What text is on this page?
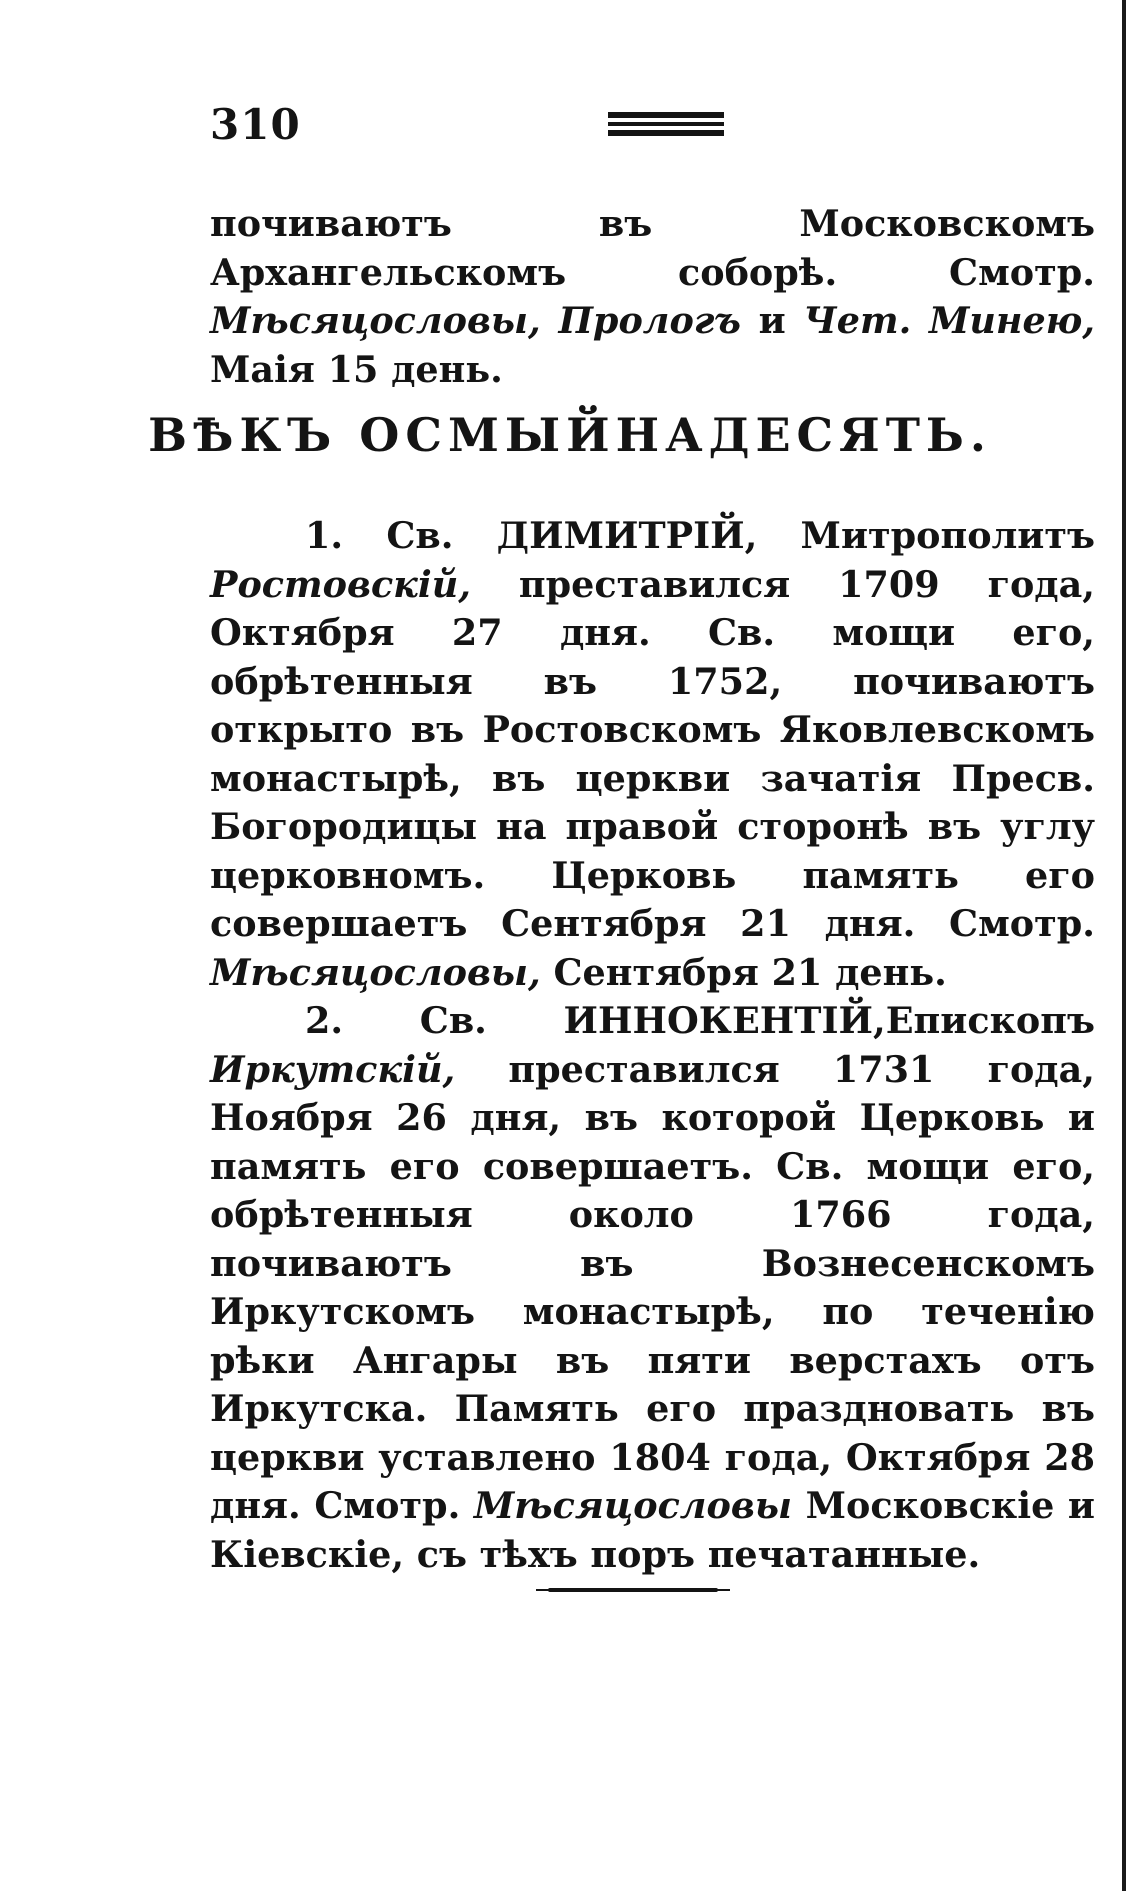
310

почиваютъ въ Московскомъ Архангельскомъ	соборѣ. Смотр. Мѣсяцословы, Прологъ и Чет. Минею, Маія 15 день.

ВѢКЪ ОСМЫЙНАДЕСЯТЬ.

1. Св. ДИМИТРІЙ, Митрополитъ Ростовскій, преставился 1709 года, Октября 27 дня. Св. мощи его, обрѣтенныя въ 1752, почиваютъ открыто въ Ростовскомъ Яковлевскомъ монастырѣ, въ церкви зачатія Пресв. Богородицы на правой сторонѣ въ углу церковномъ. Церковь память его совершаетъ Сентября 21 дня. Смотр. Мѣсяцословы, Сентября 21 день.

2. Св. ИННОКЕНТІЙ,Епископъ Иркутскій, преставился 1731 года, Ноября 26 дня, въ которой Церковь и память его совершаетъ. Св. мощи его, обрѣтенныя около 1766 года, почиваютъ въ Вознесенскомъ Иркутскомъ монастырѣ, по теченію рѣки Ангары въ пяти верстахъ отъ Иркутска. Память его праздновать въ церкви уставлено 1804 года, Октября 28 дня. Смотр. Мѣсяцословы Московскіе и Кіевскіе, съ тѣхъ поръ печатанные.
